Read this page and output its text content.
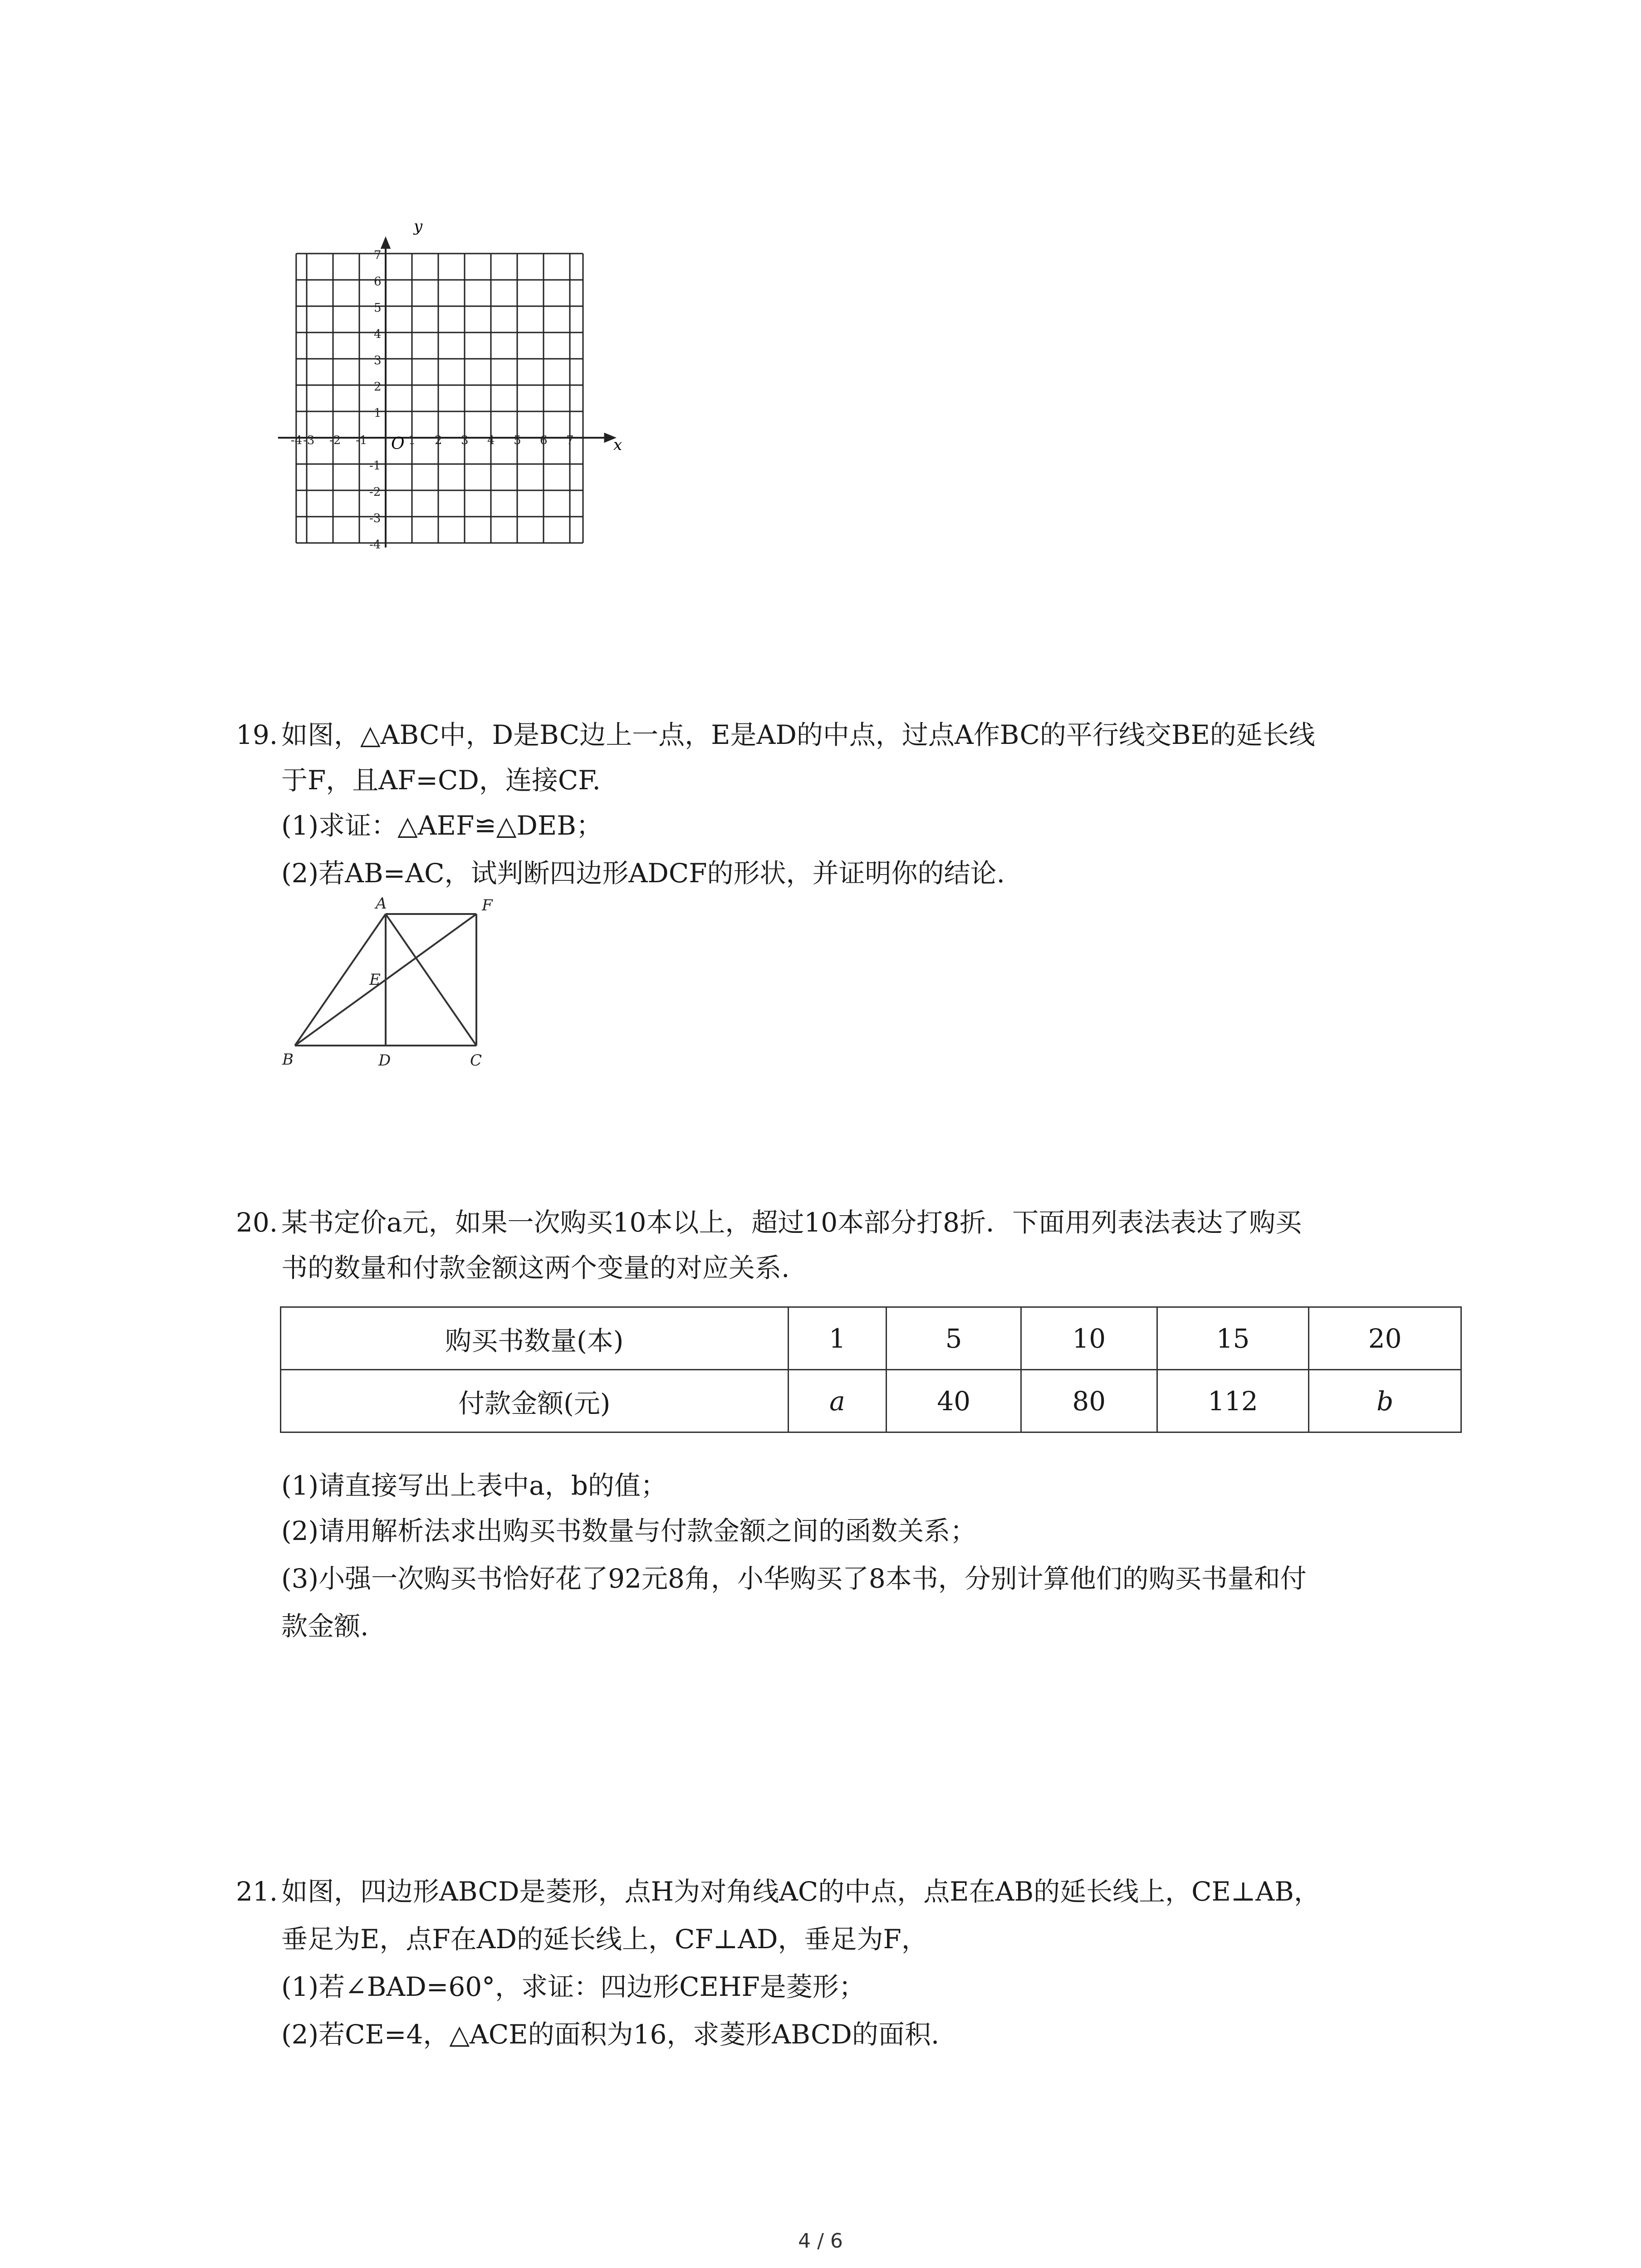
y
x
O
-4 -3 -2 -1	1 2 3 4 5 6 7
1
2
3
4
5
6
7
-1
-2
-3
-4
19. 如图，△ABC中，D是BC边上一点，E是AD的中点，过点A作BC的平行线交BE的延长线
于F，且AF=CD，连接CF.
(1)求证：△AEF≌△DEB；
(2)若AB=AC，试判断四边形ADCF的形状，并证明你的结论.
A	F
E
B	D	C
20. 某书定价a元，如果一次购买10本以上，超过10本部分打8折．下面用列表法表达了购买
书的数量和付款金额这两个变量的对应关系.
购买书数量(本)	1	5	10	15	20
付款金额(元)	a	40	80	112	b
(1)请直接写出上表中a，b的值；
(2)请用解析法求出购买书数量与付款金额之间的函数关系；
(3)小强一次购买书恰好花了92元8角，小华购买了8本书，分别计算他们的购买书量和付
款金额.
21. 如图，四边形ABCD是菱形，点H为对角线AC的中点，点E在AB的延长线上，CE⊥AB，
垂足为E，点F在AD的延长线上，CF⊥AD，垂足为F，
(1)若∠BAD=60°，求证：四边形CEHF是菱形；
(2)若CE=4，△ACE的面积为16，求菱形ABCD的面积.
4 / 6
